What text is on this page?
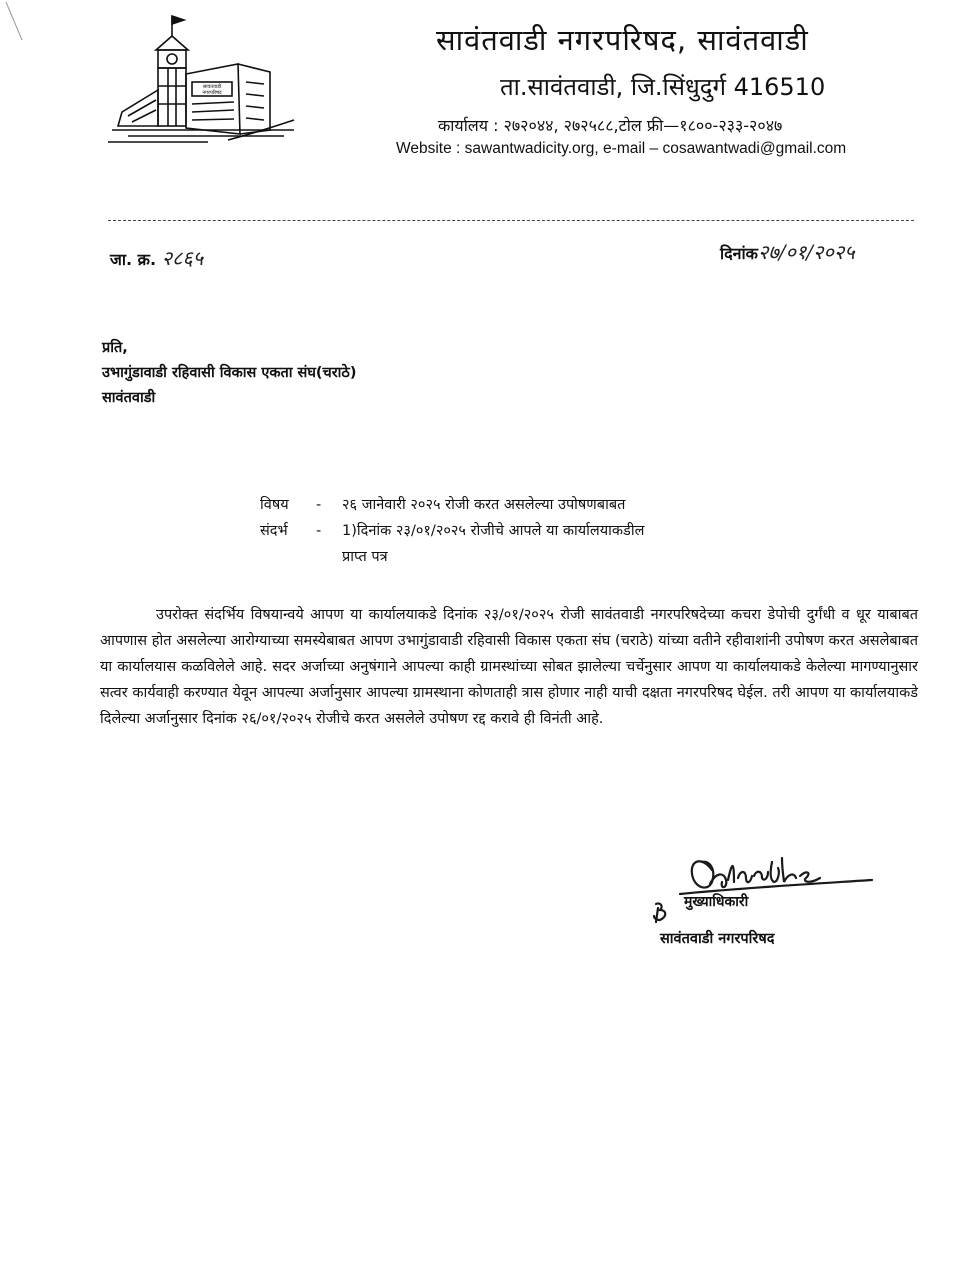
सावंतवाडी
नगरपरिषद
सावंतवाडी नगरपरिषद, सावंतवाडी
ता.सावंतवाडी, जि.सिंधुदुर्ग 416510
कार्यालय : २७२०४४, २७२५८८,टोल फ्री—१८००-२३३-२०४७
Website : sawantwadicity.org, e-mail – cosawantwadi@gmail.com
जा. क्र. २८६५	दिनांक२७/०१/२०२५
प्रति,
उभागुंडावाडी रहिवासी विकास एकता संघ(चराठे)
सावंतवाडी
विषय - २६ जानेवारी २०२५ रोजी करत असलेल्या उपोषणबाबत
संदर्भ - 1)दिनांक २३/०१/२०२५ रोजीचे आपले या कार्यालयाकडील
प्राप्त पत्र
उपरोक्त संदर्भिय विषयान्वये आपण या कार्यालयाकडे दिनांक २३/०१/२०२५ रोजी सावंतवाडी नगरपरिषदेच्या कचरा डेपोची दुर्गंधी व धूर याबाबत आपणास होत असलेल्या आरोग्याच्या समस्येबाबत आपण उभागुंडावाडी रहिवासी विकास एकता संघ (चराठे) यांच्या वतीने रहीवाशांनी उपोषण करत असलेबाबत या कार्यालयास कळविलेले आहे. सदर अर्जाच्या अनुषंगाने आपल्या काही ग्रामस्थांच्या सोबत झालेल्या चर्चेनुसार आपण या कार्यालयाकडे केलेल्या मागण्यानुसार सत्वर कार्यवाही करण्यात येवून आपल्या अर्जानुसार आपल्या ग्रामस्थाना कोणताही त्रास होणार नाही याची दक्षता नगरपरिषद घेईल. तरी आपण या कार्यालयाकडे दिलेल्या अर्जानुसार दिनांक २६/०१/२०२५ रोजीचे करत असलेले उपोषण रद्द करावे ही विनंती आहे.
मुख्याधिकारी
सावंतवाडी नगरपरिषद
